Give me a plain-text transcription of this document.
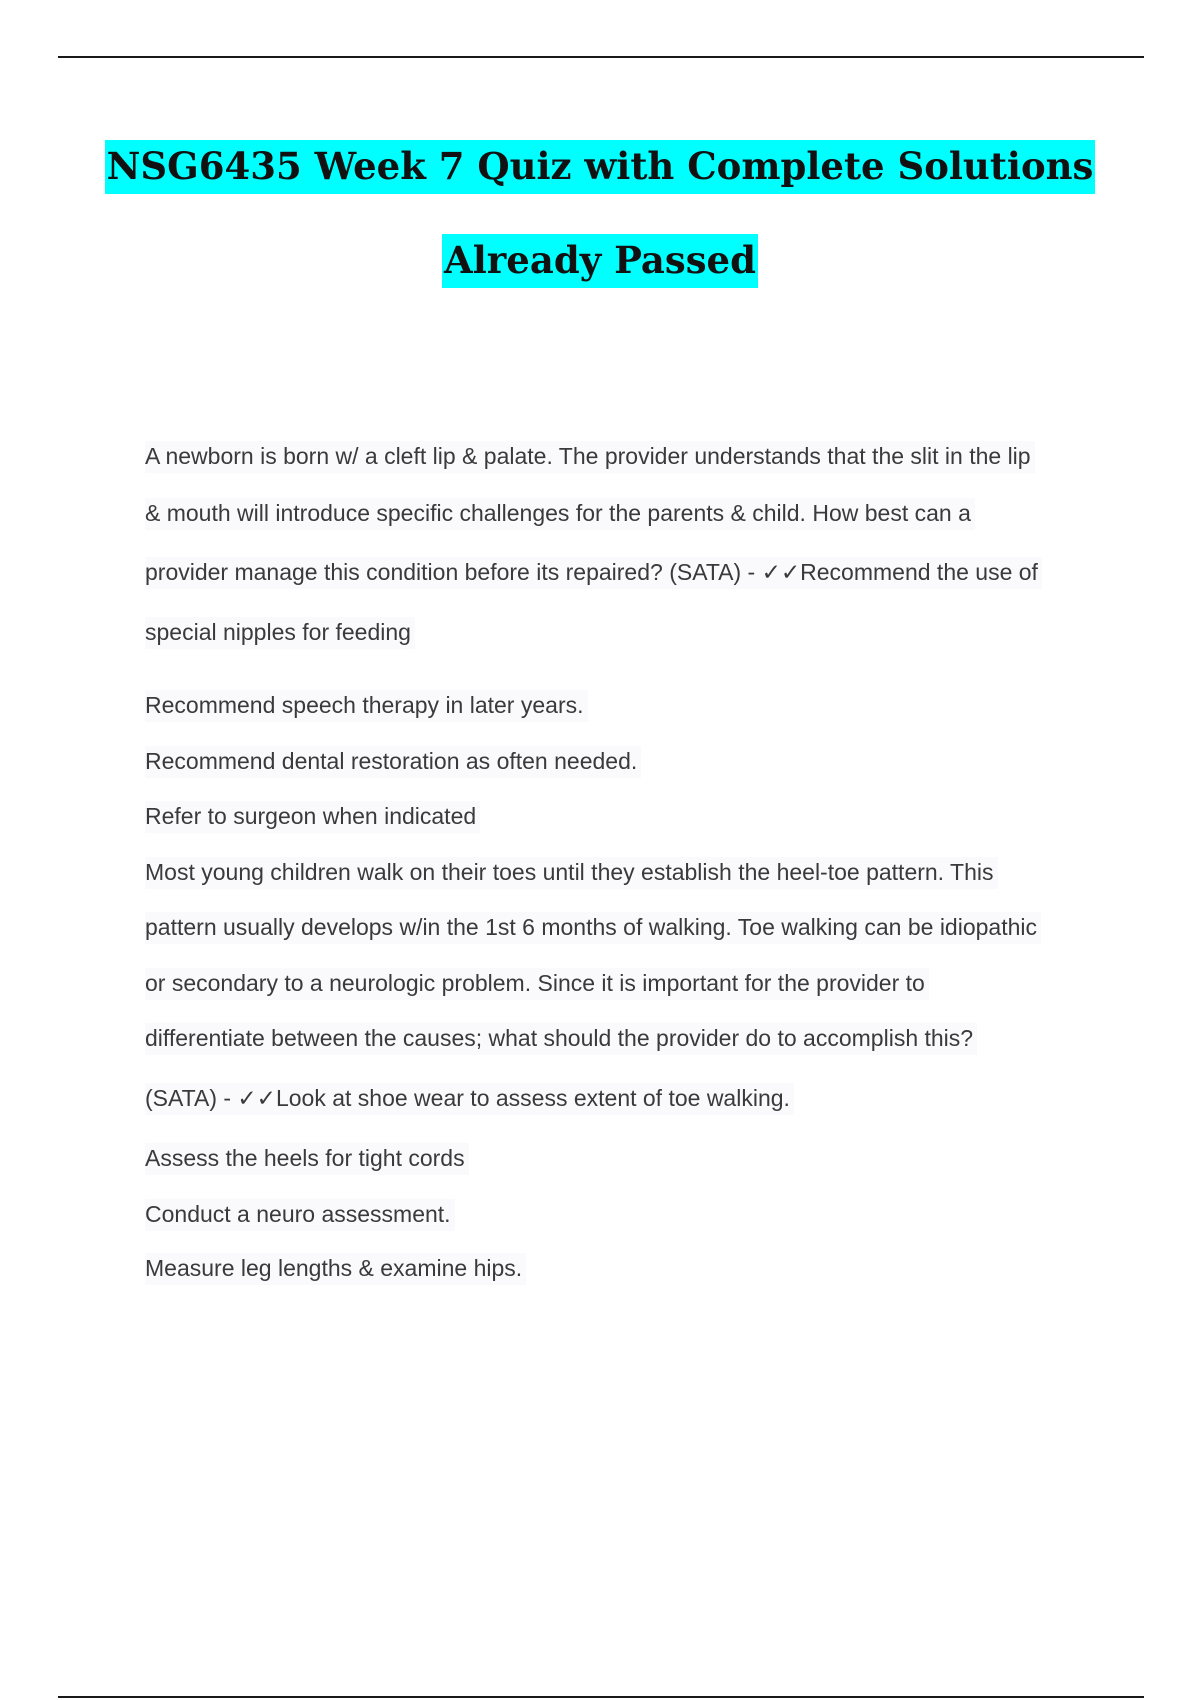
NSG6435 Week 7 Quiz with Complete Solutions
Already Passed
A newborn is born w/ a cleft lip & palate. The provider understands that the slit in the lip
& mouth will introduce specific challenges for the parents & child. How best can a
provider manage this condition before its repaired? (SATA) - ✓✓Recommend the use of
special nipples for feeding
Recommend speech therapy in later years.
Recommend dental restoration as often needed.
Refer to surgeon when indicated
Most young children walk on their toes until they establish the heel-toe pattern. This
pattern usually develops w/in the 1st 6 months of walking. Toe walking can be idiopathic
or secondary to a neurologic problem. Since it is important for the provider to
differentiate between the causes; what should the provider do to accomplish this?
(SATA) - ✓✓Look at shoe wear to assess extent of toe walking.
Assess the heels for tight cords
Conduct a neuro assessment.
Measure leg lengths & examine hips.
